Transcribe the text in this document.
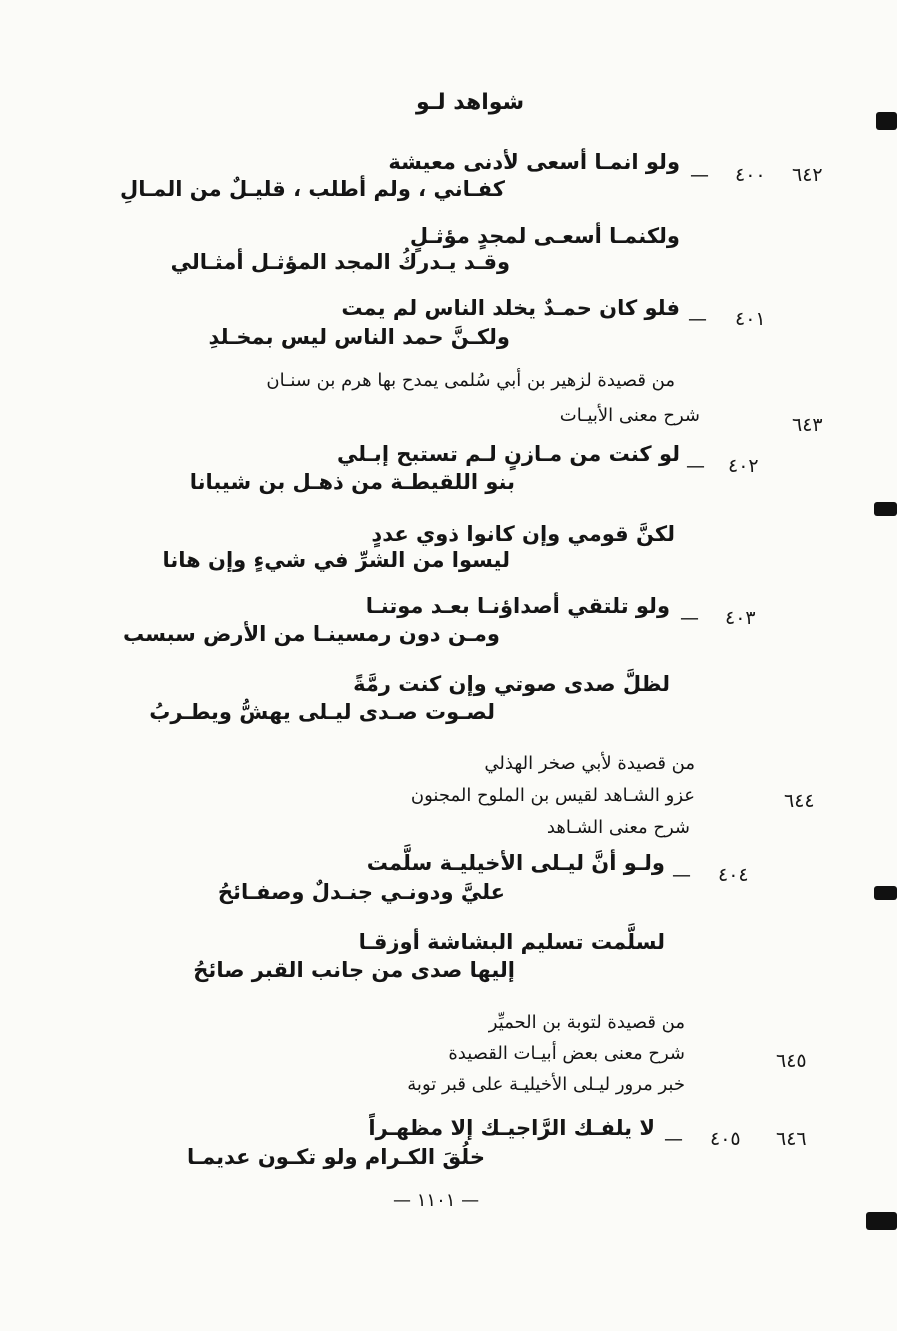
شواهد لـو
٦٤٢
٤٠٠
—
ولو انمـا أسعى لأدنى معيشة
كفـاني ، ولم أطلب ، قليـلٌ من المـالِ
ولكنمـا أسعـى لمجدٍ مؤثـلٍ
وقـد يـدركُ المجد المؤثـل أمثـالي
٤٠١
—
فلو كان حمـدٌ يخلد الناس لم يمت
ولكـنَّ حمد الناس ليس بمخـلدِ
من قصيدة لزهير بن أبي سُلمى يمدح بها هرم بن سنـان
شرح معنى الأبيـات	٦٤٣
٤٠٢
—
لو كنت من مـازنٍ لـم تستبح إبـلي
بنو اللقيطـة من ذهـل بن شيبانا
لكنَّ قومي وإن كانوا ذوي عددٍ
ليسوا من الشرِّ في شيءٍ وإن هانا
٤٠٣
—
ولو تلتقي أصداؤنـا بعـد موتنـا
ومـن دون رمسينـا من الأرض سبسب
لظلَّ صدى صوتي وإن كنت رمَّةً
لصـوت صـدى ليـلى يهشُّ ويطـربُ
من قصيدة لأبي صخر الهذلي
عزو الشـاهد لقيس بن الملوح المجنون
شرح معنى الشـاهد
٦٤٤
٤٠٤
—
ولـو أنَّ ليـلى الأخيليـة سلَّمت
عليَّ ودونـي جنـدلٌ وصفـائحُ
لسلَّمت تسليم البشاشة أوزقـا
إليها صدى من جانب القبر صائحُ
من قصيدة لتوبة بن الحميِّر
شرح معنى بعض أبيـات القصيدة
خبر مرور ليـلى الأخيليـة على قبر توبة
٦٤٥
٦٤٦
٤٠٥
—
لا يلفـك الرَّاجيـك إلا مظهـراً
خلُقَ الكـرام ولو تكـون عديمـا
— ١١٠١ —
